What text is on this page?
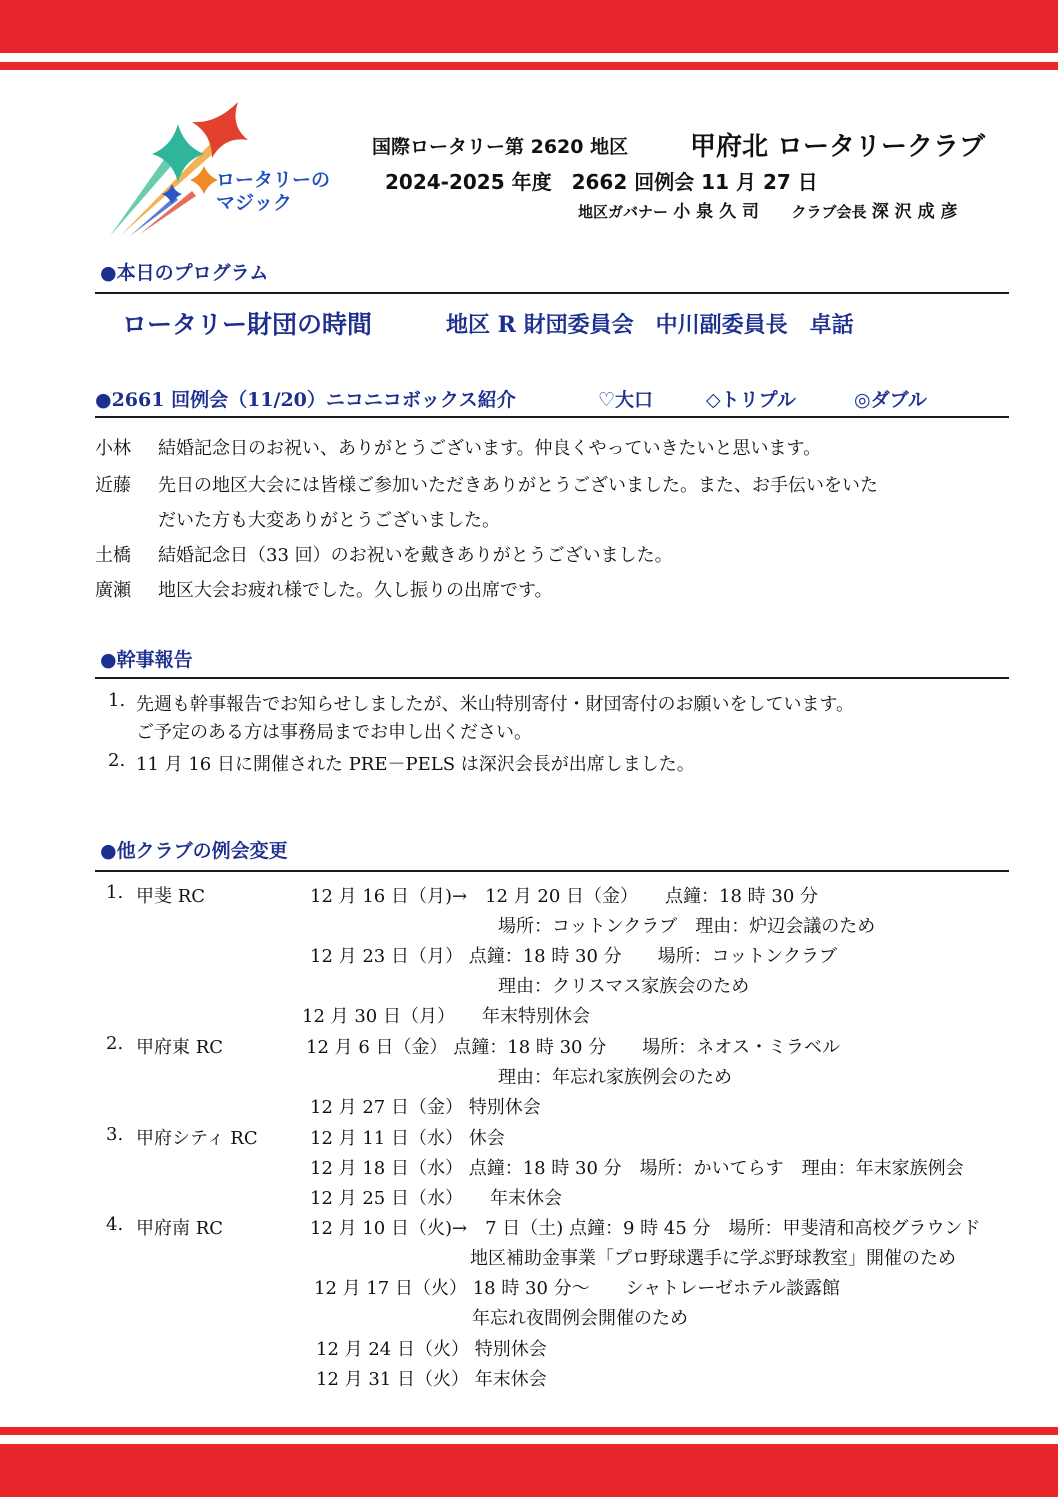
ロータリーの
マジック
国際ロータリー第 2620 地区 甲府北 ロータリークラブ
2024-2025 年度　2662 回例会 11 月 27 日
地区ガバナー 小 泉 久 司 クラブ会長 深 沢 成 彦
●本日のプログラム
ロータリー財団の時間	地区 R 財団委員会　中川副委員長　卓話
●2661 回例会（11/20）ニコニコボックス紹介	♡大口	◇トリプル	◎ダブル
小林 結婚記念日のお祝い、ありがとうございます。仲良くやっていきたいと思います。
近藤 先日の地区大会には皆様ご参加いただきありがとうございました。また、お手伝いをいた
だいた方も大変ありがとうございました。
土橋 結婚記念日（33 回）のお祝いを戴きありがとうございました。
廣瀬 地区大会お疲れ様でした。久し振りの出席です。
●幹事報告
1. 先週も幹事報告でお知らせしましたが、米山特別寄付・財団寄付のお願いをしています。
ご予定のある方は事務局までお申し出ください。
2. 11 月 16 日に開催された PRE－PELS は深沢会長が出席しました。
●他クラブの例会変更
1. 甲斐 RC	12 月 16 日（月)→　12 月 20 日（金）　　点鐘：18 時 30 分
場所：コットンクラブ　理由：炉辺会議のため
12 月 23 日（月） 点鐘：18 時 30 分　　場所：コットンクラブ
理由：クリスマス家族会のため
12 月 30 日（月）　　年末特別休会
2. 甲府東 RC	12 月 6 日（金） 点鐘：18 時 30 分　　場所：ネオス・ミラベル
理由：年忘れ家族例会のため
12 月 27 日（金） 特別休会
3. 甲府シティ RC	12 月 11 日（水） 休会
12 月 18 日（水） 点鐘：18 時 30 分　場所：かいてらす　理由：年末家族例会
12 月 25 日（水）　　年末休会
4. 甲府南 RC	12 月 10 日（火)→　7 日（土) 点鐘：9 時 45 分　場所：甲斐清和高校グラウンド
地区補助金事業「プロ野球選手に学ぶ野球教室」開催のため
12 月 17 日（火） 18 時 30 分～　　シャトレーゼホテル談露館
年忘れ夜間例会開催のため
12 月 24 日（火） 特別休会
12 月 31 日（火） 年末休会
